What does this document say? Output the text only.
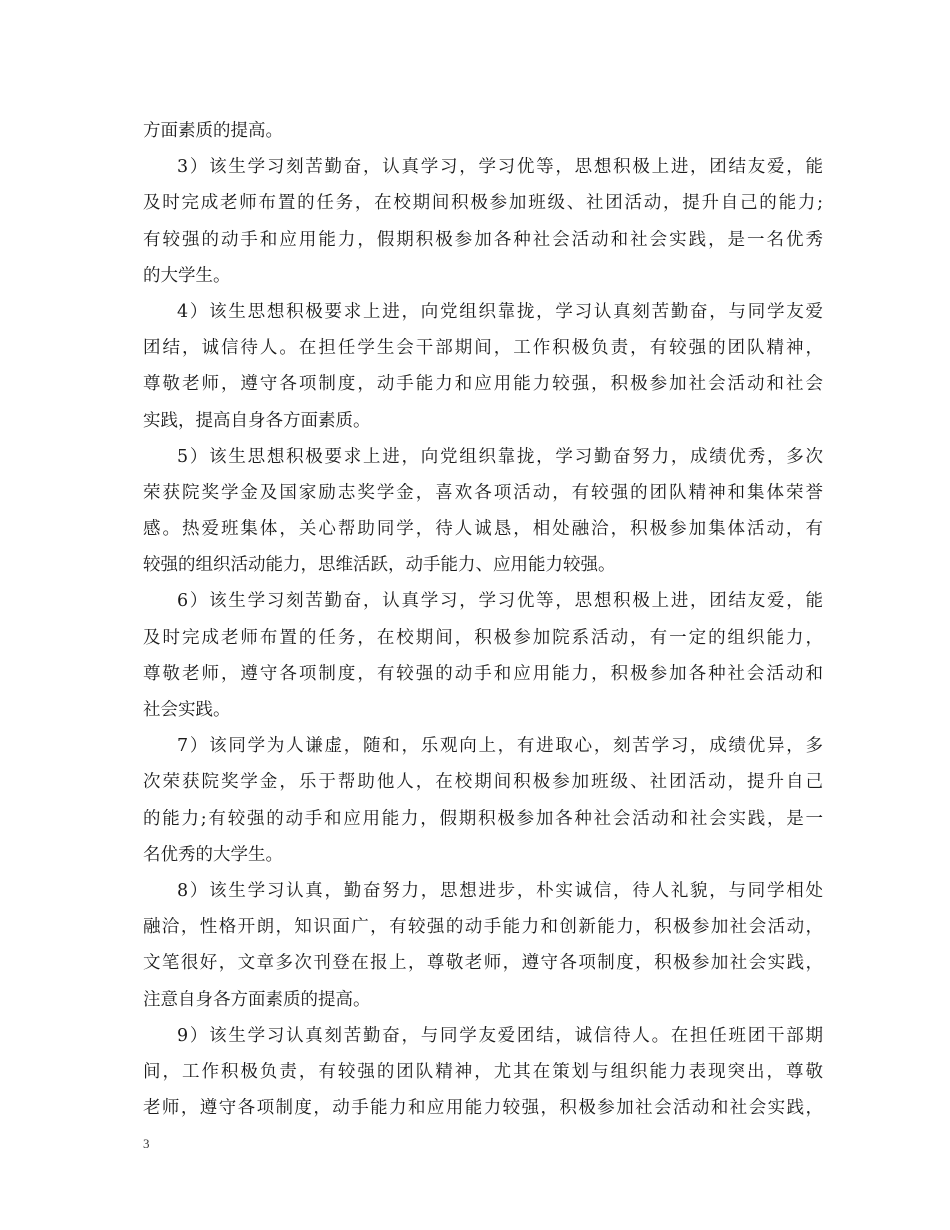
方面素质的提高。
3）该生学习刻苦勤奋，认真学习，学习优等，思想积极上进，团结友爱，能
及时完成老师布置的任务，在校期间积极参加班级、社团活动，提升自己的能力;
有较强的动手和应用能力，假期积极参加各种社会活动和社会实践，是一名优秀
的大学生。
4）该生思想积极要求上进，向党组织靠拢，学习认真刻苦勤奋，与同学友爱
团结，诚信待人。在担任学生会干部期间，工作积极负责，有较强的团队精神，
尊敬老师，遵守各项制度，动手能力和应用能力较强，积极参加社会活动和社会
实践，提高自身各方面素质。
5）该生思想积极要求上进，向党组织靠拢，学习勤奋努力，成绩优秀，多次
荣获院奖学金及国家励志奖学金，喜欢各项活动，有较强的团队精神和集体荣誉
感。热爱班集体，关心帮助同学，待人诚恳，相处融洽，积极参加集体活动，有
较强的组织活动能力，思维活跃，动手能力、应用能力较强。
6）该生学习刻苦勤奋，认真学习，学习优等，思想积极上进，团结友爱，能
及时完成老师布置的任务，在校期间，积极参加院系活动，有一定的组织能力，
尊敬老师，遵守各项制度，有较强的动手和应用能力，积极参加各种社会活动和
社会实践。
7）该同学为人谦虚，随和，乐观向上，有进取心，刻苦学习，成绩优异，多
次荣获院奖学金，乐于帮助他人，在校期间积极参加班级、社团活动，提升自己
的能力;有较强的动手和应用能力，假期积极参加各种社会活动和社会实践，是一
名优秀的大学生。
8）该生学习认真，勤奋努力，思想进步，朴实诚信，待人礼貌，与同学相处
融洽，性格开朗，知识面广，有较强的动手能力和创新能力，积极参加社会活动，
文笔很好，文章多次刊登在报上，尊敬老师，遵守各项制度，积极参加社会实践，
注意自身各方面素质的提高。
9）该生学习认真刻苦勤奋，与同学友爱团结，诚信待人。在担任班团干部期
间，工作积极负责，有较强的团队精神，尤其在策划与组织能力表现突出，尊敬
老师，遵守各项制度，动手能力和应用能力较强，积极参加社会活动和社会实践，
3
